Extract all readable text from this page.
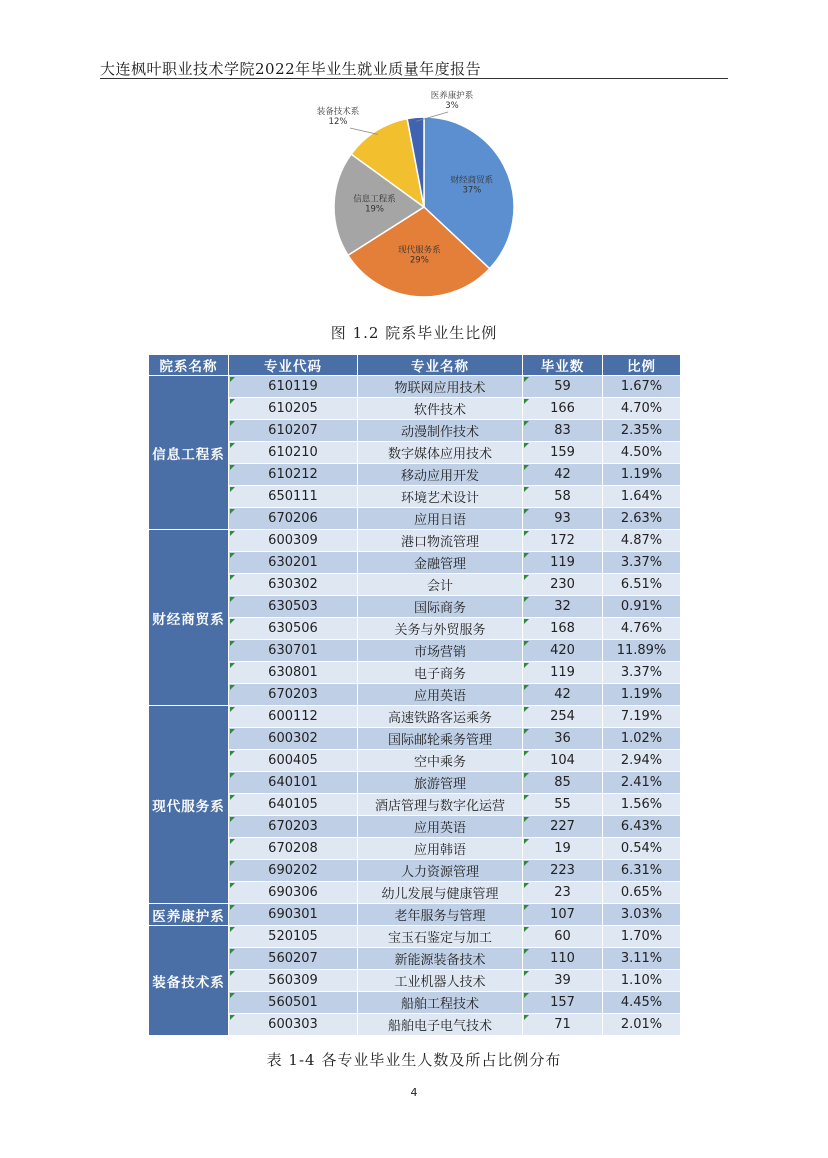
大连枫叶职业技术学院2022年毕业生就业质量年度报告
财经商贸系
37%
现代服务系
29%
信息工程系
19%
装备技术系
12%
医养康护系
3%
图 1.2 院系毕业生比例
院系名称	专业代码	专业名称	毕业数	比例
信息工程系	610119	物联网应用技术	59	1.67%
	610205	软件技术	166	4.70%
	610207	动漫制作技术	83	2.35%
	610210	数字媒体应用技术	159	4.50%
	610212	移动应用开发	42	1.19%
	650111	环境艺术设计	58	1.64%
	670206	应用日语	93	2.63%
财经商贸系	600309	港口物流管理	172	4.87%
	630201	金融管理	119	3.37%
	630302	会计	230	6.51%
	630503	国际商务	32	0.91%
	630506	关务与外贸服务	168	4.76%
	630701	市场营销	420	11.89%
	630801	电子商务	119	3.37%
	670203	应用英语	42	1.19%
现代服务系	600112	高速铁路客运乘务	254	7.19%
	600302	国际邮轮乘务管理	36	1.02%
	600405	空中乘务	104	2.94%
	640101	旅游管理	85	2.41%
	640105	酒店管理与数字化运营	55	1.56%
	670203	应用英语	227	6.43%
	670208	应用韩语	19	0.54%
	690202	人力资源管理	223	6.31%
	690306	幼儿发展与健康管理	23	0.65%
医养康护系	690301	老年服务与管理	107	3.03%
装备技术系	520105	宝玉石鉴定与加工	60	1.70%
	560207	新能源装备技术	110	3.11%
	560309	工业机器人技术	39	1.10%
	560501	船舶工程技术	157	4.45%
	600303	船舶电子电气技术	71	2.01%
表 1-4 各专业毕业生人数及所占比例分布
4
